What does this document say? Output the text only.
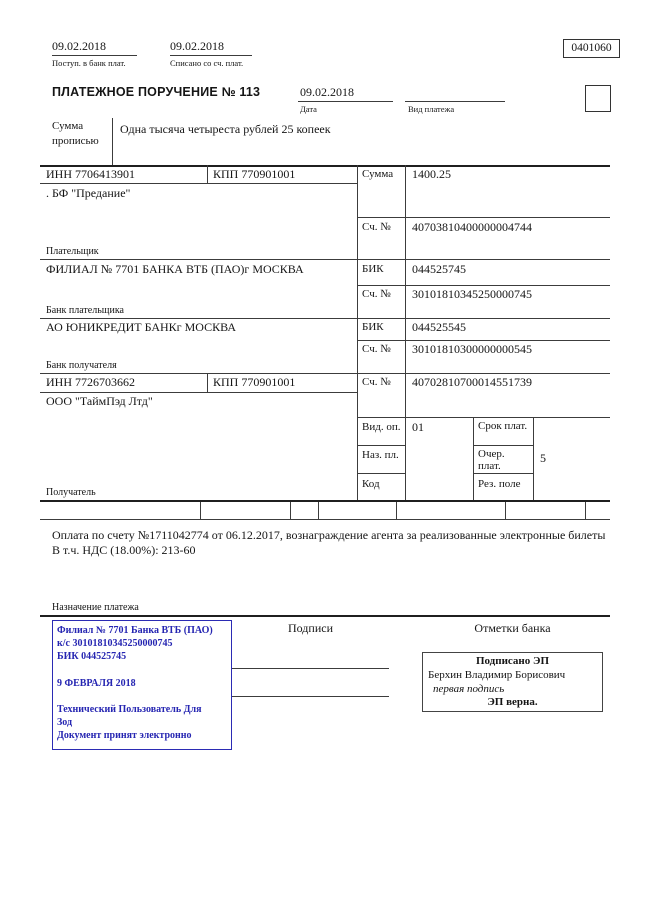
09.02.2018
Поступ. в банк плат.
09.02.2018
Списано со сч. плат.
0401060
ПЛАТЕЖНОЕ ПОРУЧЕНИЕ № 113	09.02.2018
Дата	Вид платежа
Сумма
прописью
Одна тысяча четыреста рублей 25 копеек
ИНН 7706413901	КПП 770901001	Сумма 1400.25
. БФ "Предание"
Сч. № 40703810400000004744
Плательщик
ФИЛИАЛ № 7701 БАНКА ВТБ (ПАО)г МОСКВА	БИК 044525745
Сч. № 30101810345250000745
Банк плательщика
АО ЮНИКРЕДИТ БАНКг МОСКВА	БИК 044525545
Сч. № 30101810300000000545
Банк получателя
ИНН 7726703662	КПП 770901001	Сч. № 40702810700014551739
ООО "ТаймПэд Лтд"
Получатель
Вид. оп. 01	Срок плат.
Наз. пл.	Очер. плат.
5
Код	Рез. поле
Оплата по счету №1711042774 от 06.12.2017, вознаграждение агента за реализованные электронные билеты В т.ч. НДС (18.00%): 213-60
Назначение платежа
Филиал № 7701 Банка ВТБ (ПАО)
к/с 30101810345250000745
БИК 044525745
9 ФЕВРАЛЯ 2018
Технический Пользователь Для
Зод
Документ принят электронно
Подписи	Отметки банка
Подписано ЭП
Берхин Владимир Борисович
первая подпись
ЭП верна.
